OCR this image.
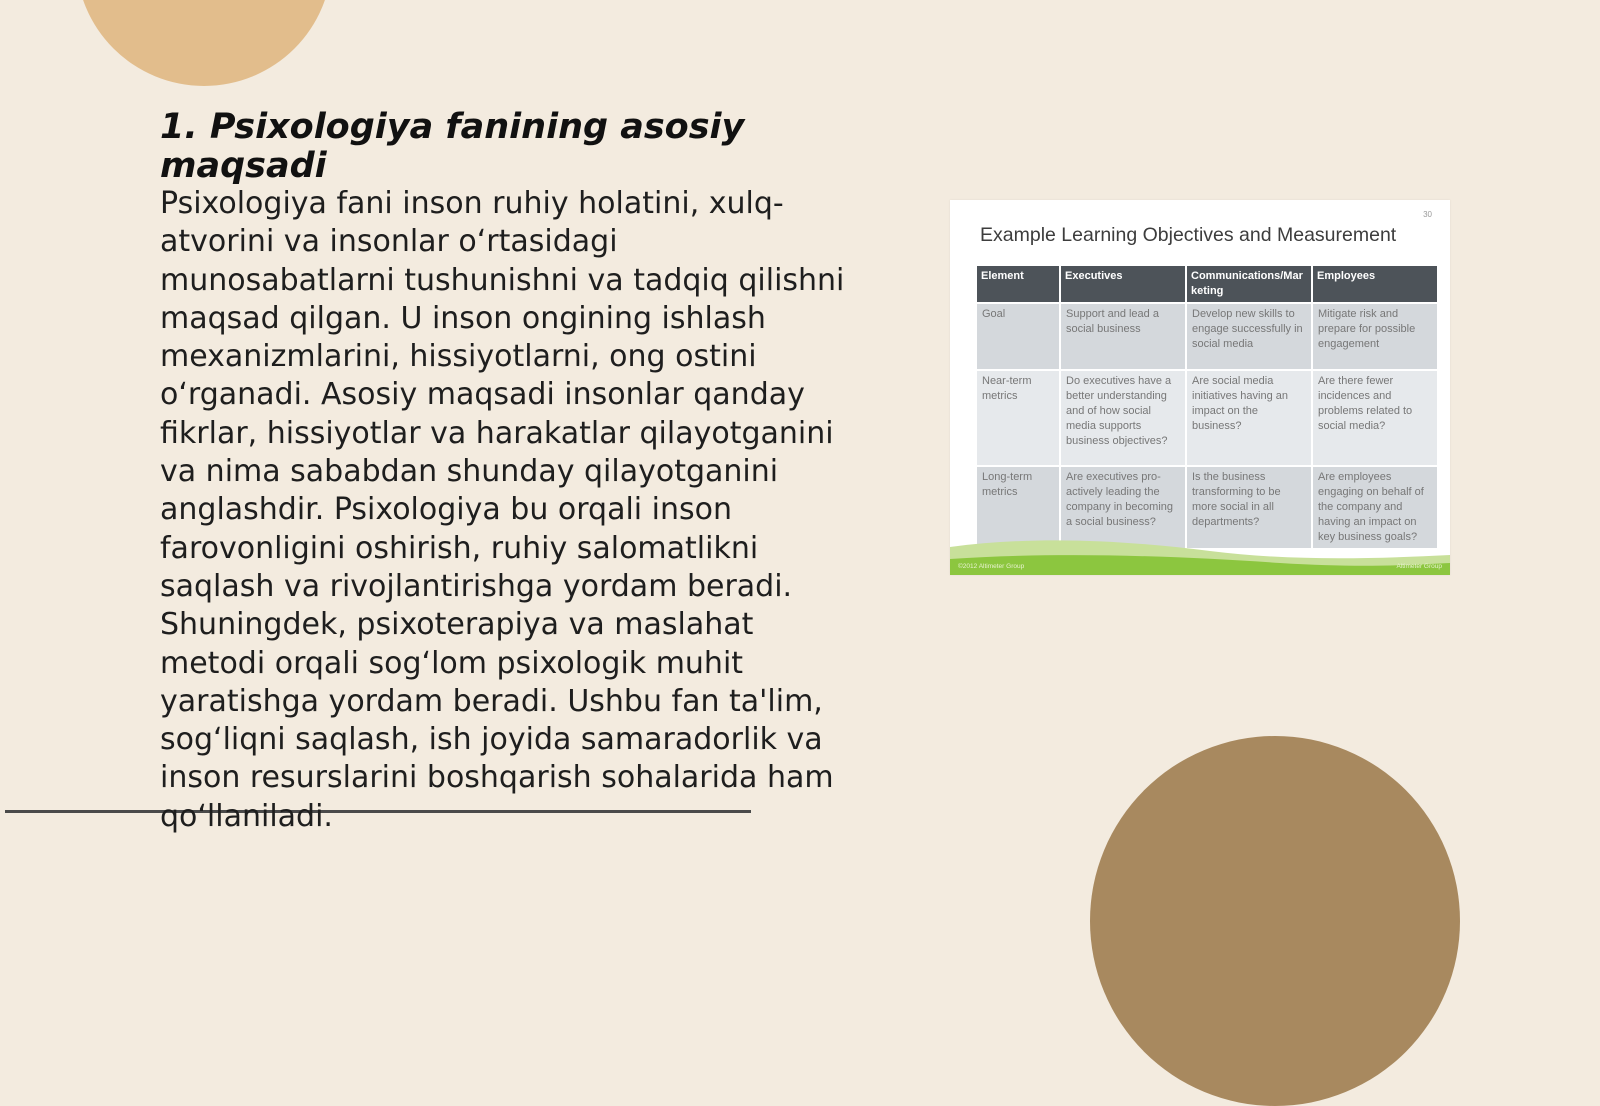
1. Psixologiya fanining asosiy maqsadi

Psixologiya fani inson ruhiy holatini, xulq-atvorini va insonlar o‘rtasidagi munosabatlarni tushunishni va tadqiq qilishni maqsad qilgan. U inson ongining ishlash mexanizmlarini, hissiyotlarni, ong ostini o‘rganadi. Asosiy maqsadi insonlar qanday fikrlar, hissiyotlar va harakatlar qilayotganini va nima sababdan shunday qilayotganini anglashdir. Psixologiya bu orqali inson farovonligini oshirish, ruhiy salomatlikni saqlash va rivojlantirishga yordam beradi. Shuningdek, psixoterapiya va maslahat metodi orqali sog‘lom psixologik muhit yaratishga yordam beradi. Ushbu fan ta'lim, sog‘liqni saqlash, ish joyida samaradorlik va inson resurslarini boshqarish sohalarida ham qo‘llaniladi.

30
Example Learning Objectives and Measurement
Element	Executives	Communications/Marketing	Employees
Goal	Support and lead a social business	Develop new skills to engage successfully in social media	Mitigate risk and prepare for possible engagement
Near-term metrics	Do executives have a better understanding and of how social media supports business objectives?	Are social media initiatives having an impact on the business?	Are there fewer incidences and problems related to social media?
Long-term metrics	Are executives pro-actively leading the company in becoming a social business?	Is the business transforming to be more social in all departments?	Are employees engaging on behalf of the company and having an impact on key business goals?
©2012 Altimeter Group	Altimeter Group
